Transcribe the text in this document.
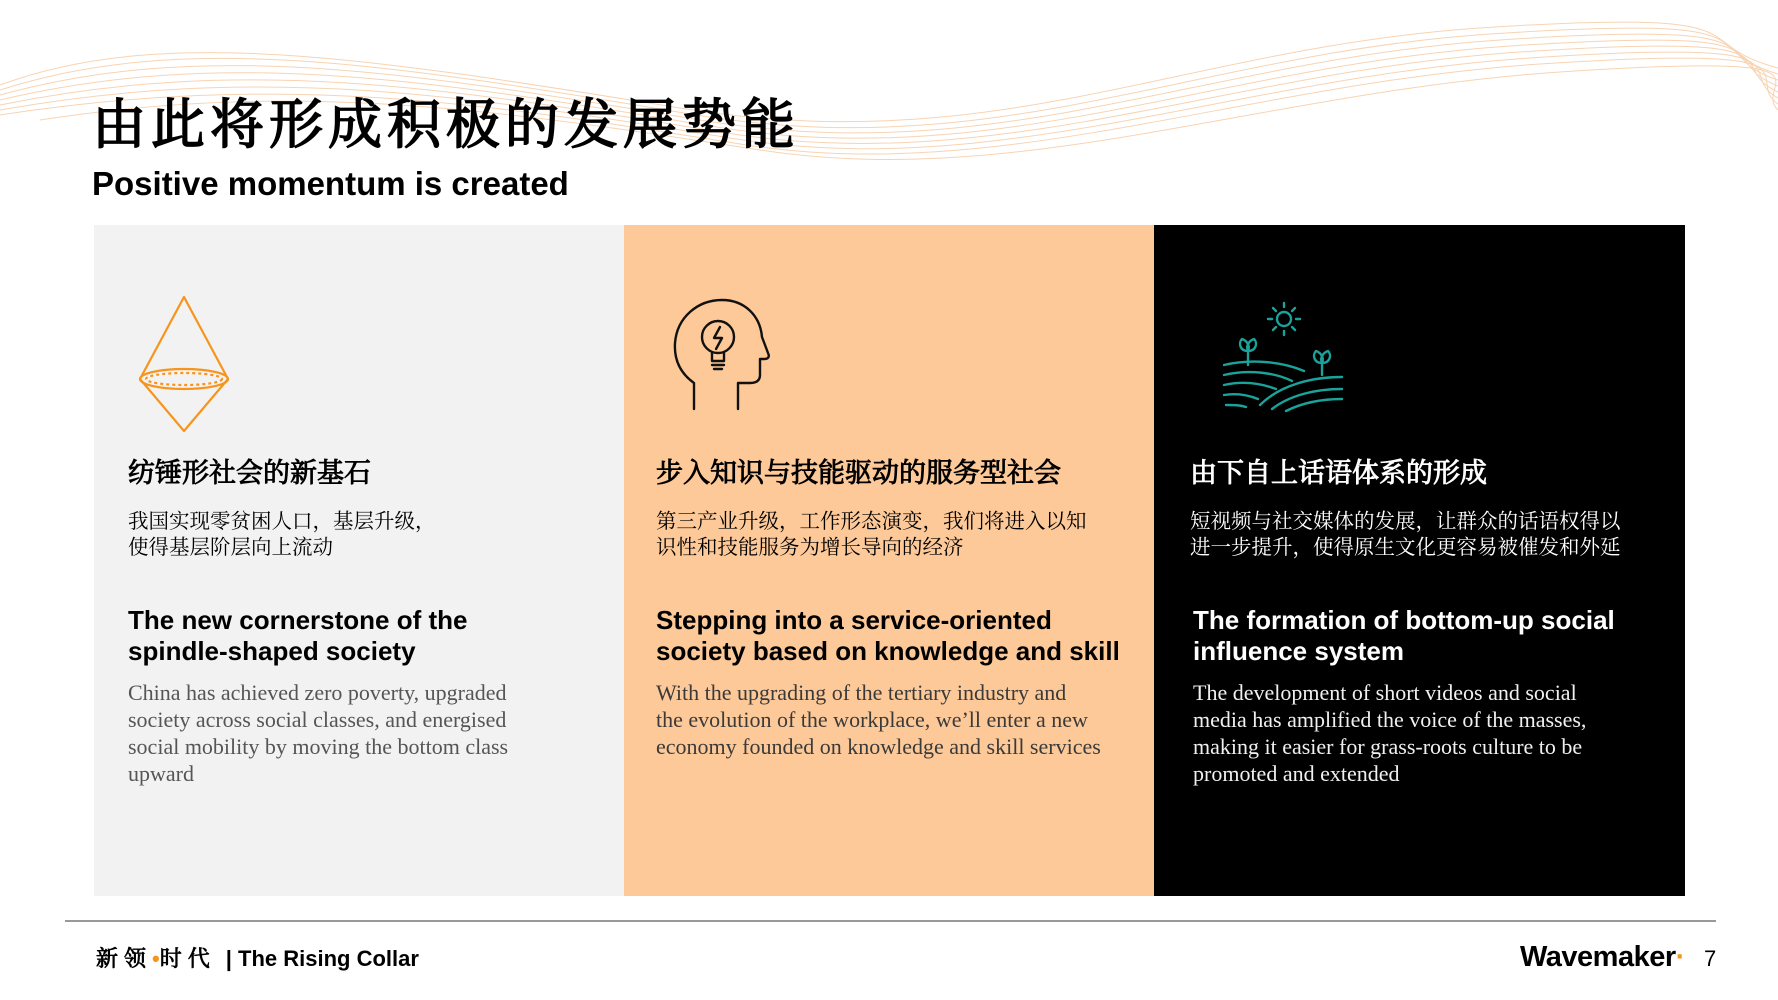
由此将形成积极的发展势能
Positive momentum is created
纺锤形社会的新基石
我国实现零贫困人口，基层升级，
使得基层阶层向上流动
The new cornerstone of the
spindle-shaped society
China has achieved zero poverty, upgraded
society across social classes, and energised
social mobility by moving the bottom class
upward
步入知识与技能驱动的服务型社会
第三产业升级，工作形态演变，我们将进入以知
识性和技能服务为增长导向的经济
Stepping into a service-oriented
society based on knowledge and skill
With the upgrading of the tertiary industry and
the evolution of the workplace, we’ll enter a new
economy founded on knowledge and skill services
由下自上话语体系的形成
短视频与社交媒体的发展，让群众的话语权得以
进一步提升，使得原生文化更容易被催发和外延
The formation of bottom-up social
influence system
The development of short videos and social
media has amplified the voice of the masses,
making it easier for grass-roots culture to be
promoted and extended
新领•时代 | The Rising Collar	Wavemaker· 7
